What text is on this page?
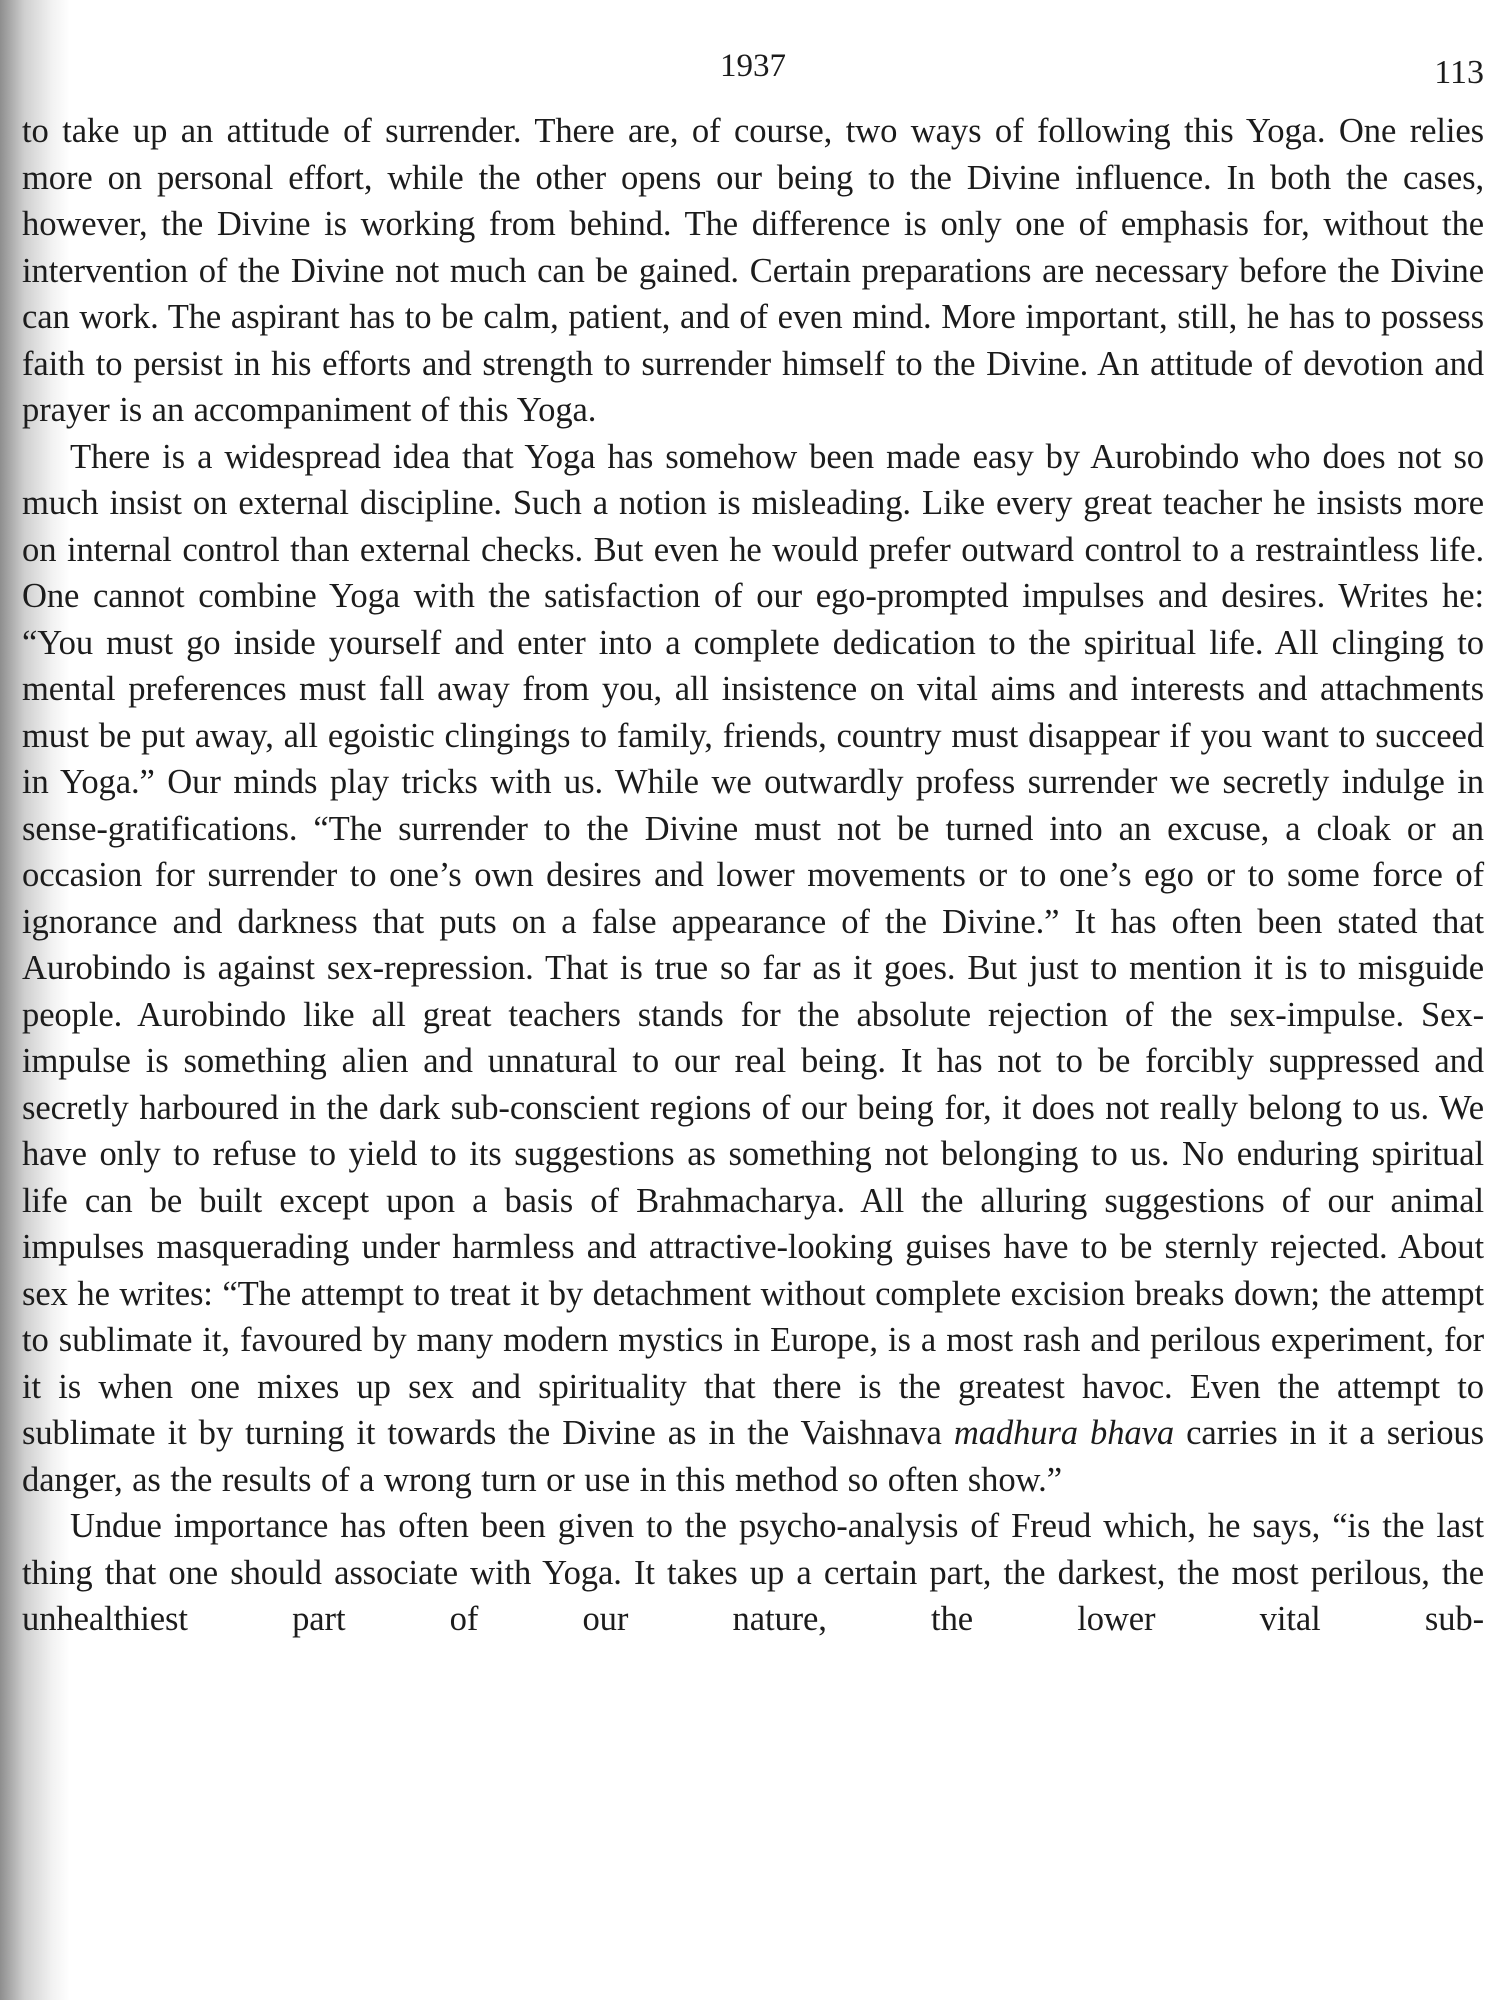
1937	113

to take up an attitude of surrender. There are, of course, two ways of following this Yoga. One relies more on personal effort, while the other opens our being to the Divine influence. In both the cases, however, the Divine is working from behind. The difference is only one of emphasis for, without the intervention of the Divine not much can be gained. Certain preparations are necessary before the Divine can work. The aspirant has to be calm, patient, and of even mind. More important, still, he has to possess faith to persist in his efforts and strength to surrender himself to the Divine. An attitude of devotion and prayer is an accompaniment of this Yoga.

There is a widespread idea that Yoga has somehow been made easy by Aurobindo who does not so much insist on external discipline. Such a notion is misleading. Like every great teacher he insists more on internal control than external checks. But even he would prefer outward control to a restraintless life. One cannot combine Yoga with the satisfaction of our ego-prompted impulses and desires. Writes he: “You must go inside yourself and enter into a complete dedication to the spiritual life. All clinging to mental preferences must fall away from you, all insistence on vital aims and interests and attachments must be put away, all egoistic clingings to family, friends, country must disappear if you want to succeed in Yoga.” Our minds play tricks with us. While we outwardly profess surrender we secretly indulge in sense-gratifications. “The surrender to the Divine must not be turned into an excuse, a cloak or an occasion for surrender to one’s own desires and lower movements or to one’s ego or to some force of ignorance and darkness that puts on a false appearance of the Divine.” It has often been stated that Aurobindo is against sex-repression. That is true so far as it goes. But just to mention it is to misguide people. Aurobindo like all great teachers stands for the absolute rejection of the sex-impulse. Sex-impulse is something alien and unnatural to our real being. It has not to be forcibly suppressed and secretly harboured in the dark sub-conscient regions of our being for, it does not really belong to us. We have only to refuse to yield to its suggestions as something not belonging to us. No enduring spiritual life can be built except upon a basis of Brahmacharya. All the alluring suggestions of our animal impulses masquerading under harmless and attractive-looking guises have to be sternly rejected. About sex he writes: “The attempt to treat it by detachment without complete excision breaks down; the attempt to sublimate it, favoured by many modern mystics in Europe, is a most rash and perilous experiment, for it is when one mixes up sex and spirituality that there is the greatest havoc. Even the attempt to sublimate it by turning it towards the Divine as in the Vaishnava madhura bhava carries in it a serious danger, as the results of a wrong turn or use in this method so often show.”

Undue importance has often been given to the psycho-analysis of Freud which, he says, “is the last thing that one should associate with Yoga. It takes up a certain part, the darkest, the most perilous, the unhealthiest part of our nature, the lower vital sub-
